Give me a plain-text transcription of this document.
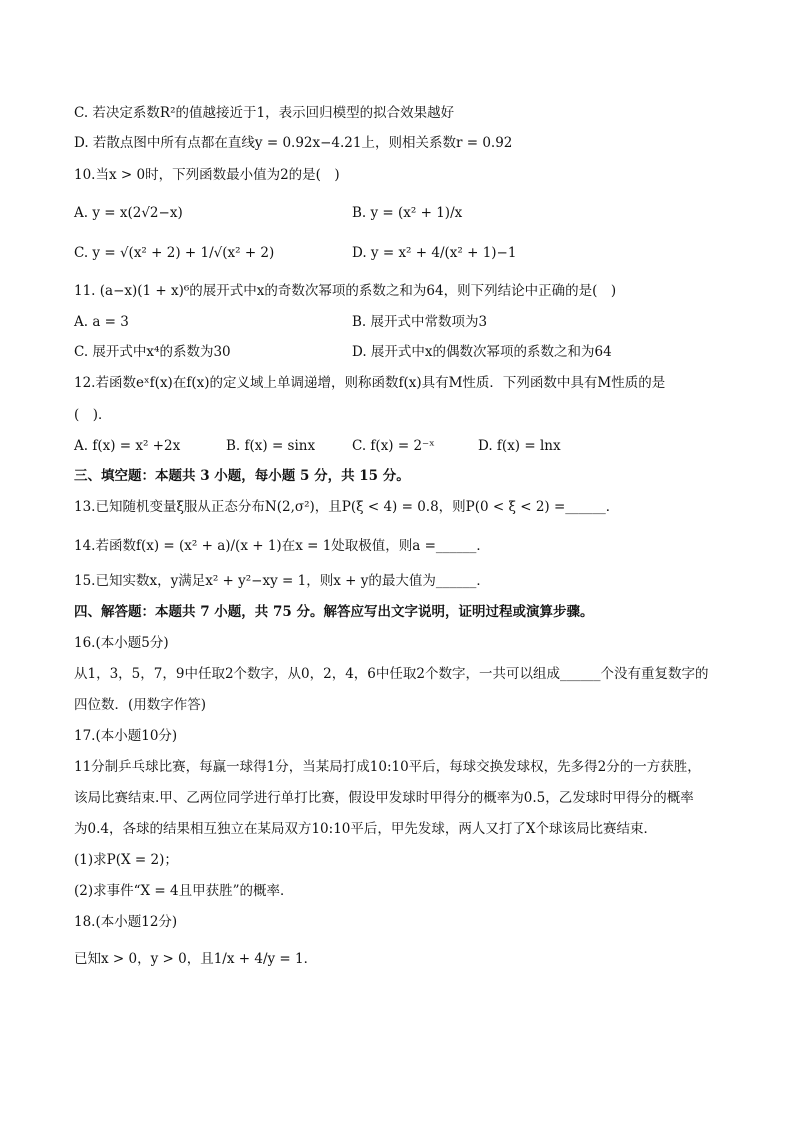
C. 若决定系数R²的值越接近于1，表示回归模型的拟合效果越好
D. 若散点图中所有点都在直线y = 0.92x−4.21上，则相关系数r = 0.92
10.当x > 0时，下列函数最小值为2的是(　)
A. y = x(2√2−x)	B. y = (x² + 1)/x
C. y = √(x² + 2) + 1/√(x² + 2)	D. y = x² + 4/(x² + 1)−1
11. (a−x)(1 + x)⁶的展开式中x的奇数次幂项的系数之和为64，则下列结论中正确的是(　)
A. a = 3	B. 展开式中常数项为3
C. 展开式中x⁴的系数为30	D. 展开式中x的偶数次幂项的系数之和为64
12.若函数eˣf(x)在f(x)的定义域上单调递增，则称函数f(x)具有M性质．下列函数中具有M性质的是
(　)．
A. f(x) = x² +2x	B. f(x) = sinx	C. f(x) = 2⁻ˣ	D. f(x) = lnx
三、填空题：本题共 3 小题，每小题 5 分，共 15 分。
13.已知随机变量ξ服从正态分布N(2,σ²)，且P(ξ < 4) = 0.8，则P(0 < ξ < 2) =______．
14.若函数f(x) = (x² + a)/(x + 1)在x = 1处取极值，则a =______．
15.已知实数x，y满足x² + y²−xy = 1，则x + y的最大值为______．
四、解答题：本题共 7 小题，共 75 分。解答应写出文字说明，证明过程或演算步骤。
16.(本小题5分)
从1，3，5，7，9中任取2个数字，从0，2，4，6中任取2个数字，一共可以组成______个没有重复数字的
四位数．(用数字作答)
17.(本小题10分)
11分制乒乓球比赛，每赢一球得1分，当某局打成10:10平后，每球交换发球权，先多得2分的一方获胜，
该局比赛结束.甲、乙两位同学进行单打比赛，假设甲发球时甲得分的概率为0.5，乙发球时甲得分的概率
为0.4，各球的结果相互独立在某局双方10:10平后，甲先发球，两人又打了X个球该局比赛结束．
(1)求P(X = 2)；
(2)求事件“X = 4且甲获胜”的概率．
18.(本小题12分)
已知x > 0，y > 0，且1/x + 4/y = 1．
